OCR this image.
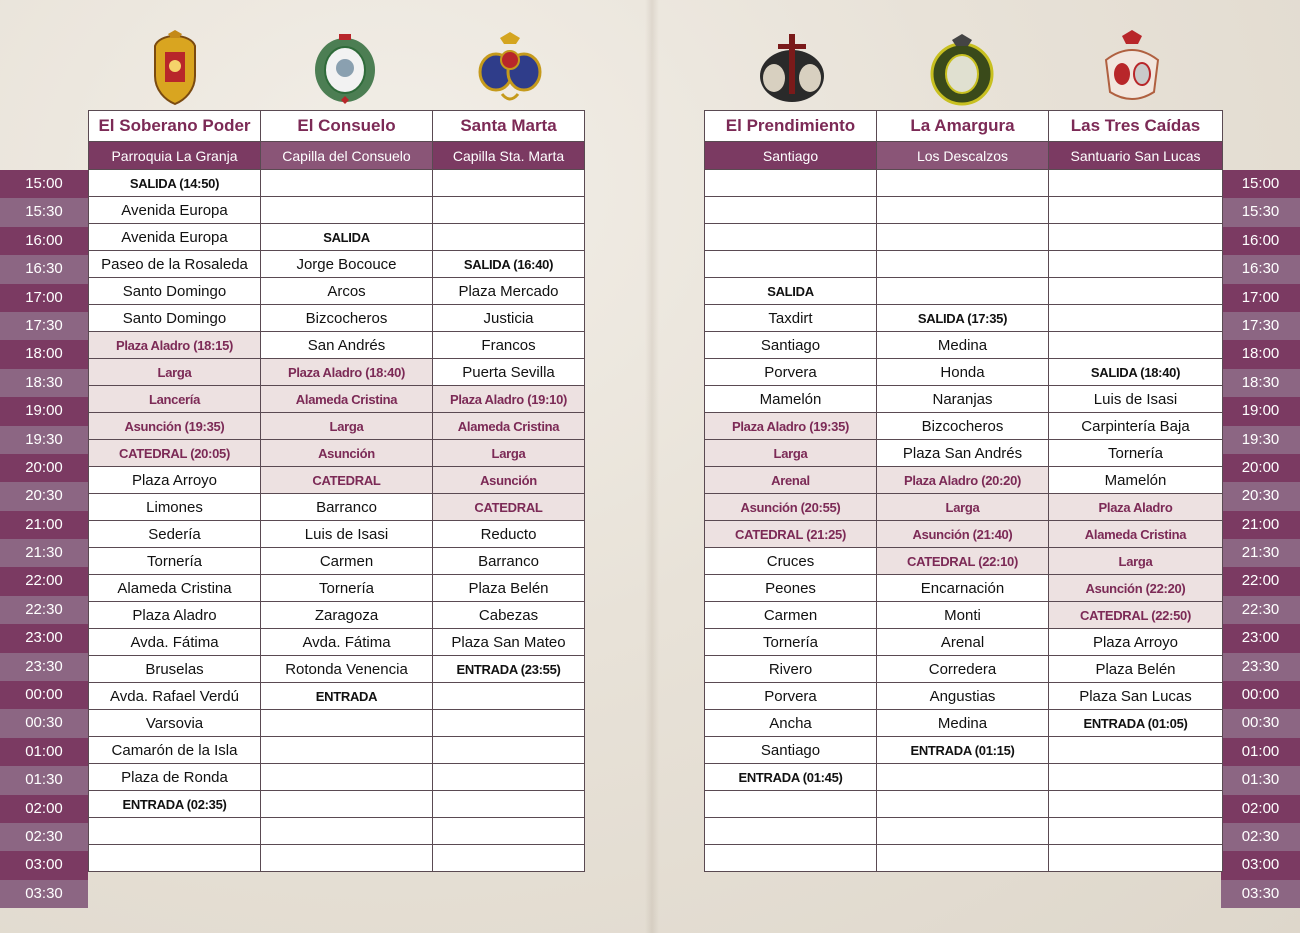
15:00
15:30
16:00
16:30
17:00
17:30
18:00
18:30
19:00
19:30
20:00
20:30
21:00
21:30
22:00
22:30
23:00
23:30
00:00
00:30
01:00
01:30
02:00
02:30
03:00
03:30
15:00
15:30
16:00
16:30
17:00
17:30
18:00
18:30
19:00
19:30
20:00
20:30
21:00
21:30
22:00
22:30
23:00
23:30
00:00
00:30
01:00
01:30
02:00
02:30
03:00
03:30
El Soberano Poder	El Consuelo	Santa Marta
Parroquia La Granja	Capilla del Consuelo	Capilla Sta. Marta
SALIDA (14:50)		
Avenida Europa		
Avenida Europa	SALIDA	
Paseo de la Rosaleda	Jorge Bocouce	SALIDA (16:40)
Santo Domingo	Arcos	Plaza Mercado
Santo Domingo	Bizcocheros	Justicia
Plaza Aladro (18:15)	San Andrés	Francos
Larga	Plaza Aladro (18:40)	Puerta Sevilla
Lancería	Alameda Cristina	Plaza Aladro (19:10)
Asunción (19:35)	Larga	Alameda Cristina
CATEDRAL (20:05)	Asunción	Larga
Plaza Arroyo	CATEDRAL	Asunción
Limones	Barranco	CATEDRAL
Sedería	Luis de Isasi	Reducto
Tornería	Carmen	Barranco
Alameda Cristina	Tornería	Plaza Belén
Plaza Aladro	Zaragoza	Cabezas
Avda. Fátima	Avda. Fátima	Plaza San Mateo
Bruselas	Rotonda Venencia	ENTRADA (23:55)
Avda. Rafael Verdú	ENTRADA	
Varsovia		
Camarón de la Isla		
Plaza de Ronda		
ENTRADA (02:35)		

El Prendimiento	La Amargura	Las Tres Caídas
Santiago	Los Descalzos	Santuario San Lucas

SALIDA		
Taxdirt	SALIDA (17:35)	
Santiago	Medina	
Porvera	Honda	SALIDA (18:40)
Mamelón	Naranjas	Luis de Isasi
Plaza Aladro (19:35)	Bizcocheros	Carpintería Baja
Larga	Plaza San Andrés	Tornería
Arenal	Plaza Aladro (20:20)	Mamelón
Asunción (20:55)	Larga	Plaza Aladro
CATEDRAL (21:25)	Asunción (21:40)	Alameda Cristina
Cruces	CATEDRAL (22:10)	Larga
Peones	Encarnación	Asunción (22:20)
Carmen	Monti	CATEDRAL (22:50)
Tornería	Arenal	Plaza Arroyo
Rivero	Corredera	Plaza Belén
Porvera	Angustias	Plaza San Lucas
Ancha	Medina	ENTRADA (01:05)
Santiago	ENTRADA (01:15)	
ENTRADA (01:45)		
